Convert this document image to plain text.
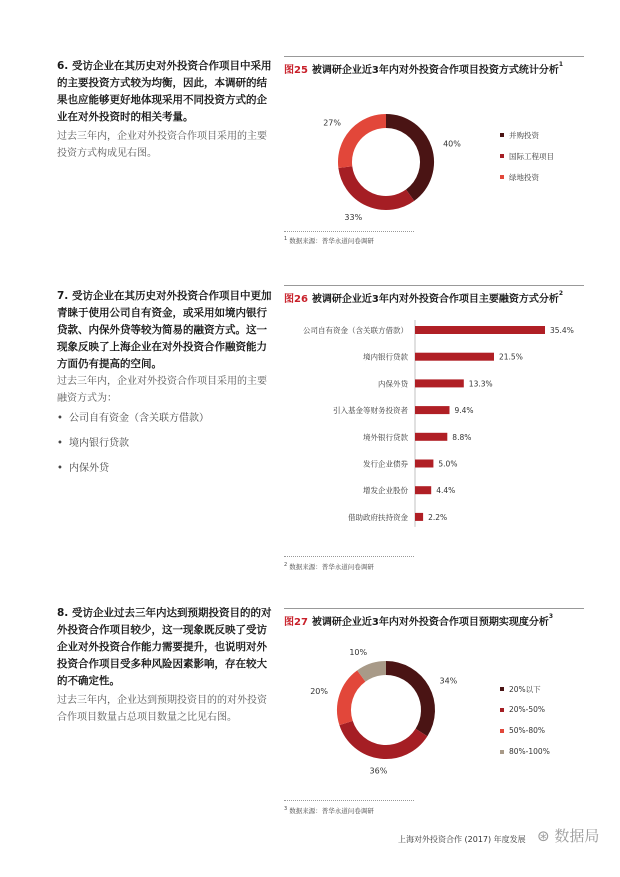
6. 受访企业在其历史对外投资合作项目中采用的主要投资方式较为均衡，因此，本调研的结果也应能够更好地体现采用不同投资方式的企业在对外投资时的相关考量。

过去三年内，企业对外投资合作项目采用的主要投资方式构成见右图。

7. 受访企业在其历史对外投资合作项目中更加青睐于使用公司自有资金，或采用如境内银行贷款、内保外贷等较为简易的融资方式。这一现象反映了上海企业在对外投资合作融资能力方面仍有提高的空间。

过去三年内，企业对外投资合作项目采用的主要融资方式为：

• 公司自有资金（含关联方借款）
• 境内银行贷款
• 内保外贷

8. 受访企业过去三年内达到预期投资目的的对外投资合作项目较少，这一现象既反映了受访企业对外投资合作能力需要提升，也说明对外投资合作项目受多种风险因素影响，存在较大的不确定性。

过去三年内，企业达到预期投资目的的对外投资合作项目数量占总项目数量之比见右图。

图25 被调研企业近3年内对外投资合作项目投资方式统计分析$^1$
40%
33%
27%
并购投资
国际工程项目
绿地投资
$^1$ 数据来源：普华永道问卷调研
图26 被调研企业近3年内对外投资合作项目主要融资方式分析$^2$
公司自有资金（含关联方借款）	35.4%
境内银行贷款	21.5%
内保外贷	13.3%
引入基金等财务投资者	9.4%
境外银行贷款	8.8%
发行企业债券	5.0%
增发企业股份	4.4%
借助政府扶持资金	2.2%
$^2$ 数据来源：普华永道问卷调研
图27 被调研企业近3年内对外投资合作项目预期实现度分析$^3$
34%
36%
20%
10%
20%以下
20%-50%
50%-80%
80%-100%
$^3$ 数据来源：普华永道问卷调研
上海对外投资合作 (2017) 年度发展 ⊛ 数据局
